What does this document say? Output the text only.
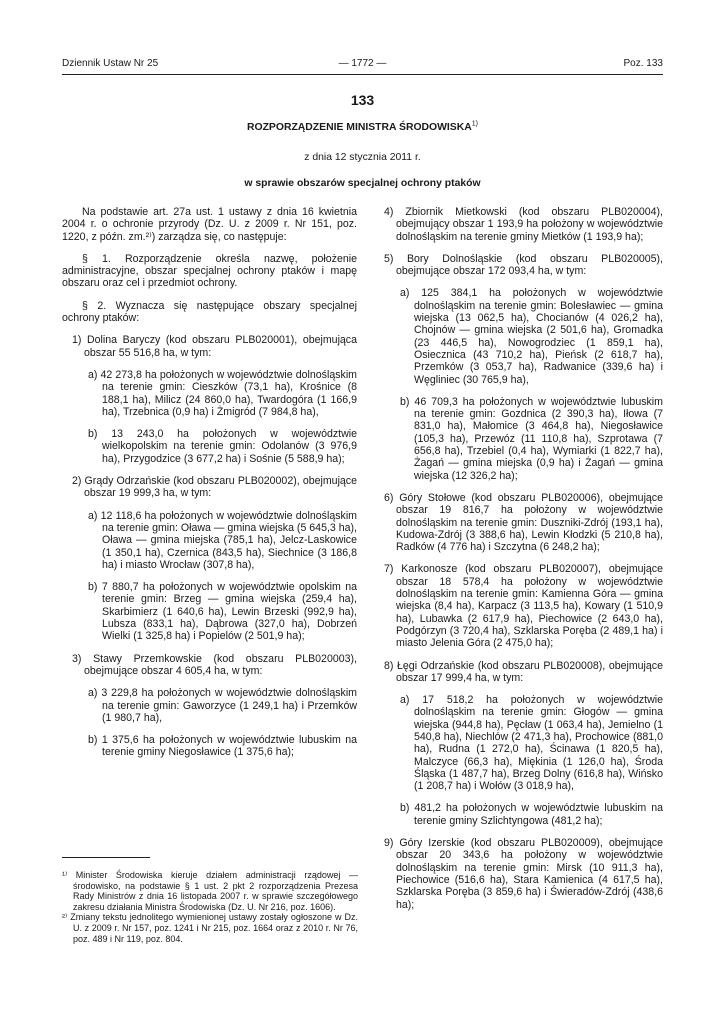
Dziennik Ustaw Nr 25	— 1772 —	Poz. 133
133
ROZPORZĄDZENIE MINISTRA ŚRODOWISKA$^{1)}$
z dnia 12 stycznia 2011 r.
w sprawie obszarów specjalnej ochrony ptaków

Na podstawie art. 27a ust. 1 ustawy z dnia 16 kwietnia 2004 r. o ochronie przyrody (Dz. U. z 2009 r. Nr 151, poz. 1220, z późn. zm.²⁾) zarządza się, co następuje:

§ 1. Rozporządzenie określa nazwę, położenie administracyjne, obszar specjalnej ochrony ptaków i mapę obszaru oraz cel i przedmiot ochrony.

§ 2. Wyznacza się następujące obszary specjalnej ochrony ptaków:

1) Dolina Baryczy (kod obszaru PLB020001), obejmująca obszar 55 516,8 ha, w tym:

a) 42 273,8 ha położonych w województwie dolnośląskim na terenie gmin: Cieszków (73,1 ha), Krośnice (8 188,1 ha), Milicz (24 860,0 ha), Twardogóra (1 166,9 ha), Trzebnica (0,9 ha) i Żmigród (7 984,8 ha),

b) 13 243,0 ha położonych w województwie wielkopolskim na terenie gmin: Odolanów (3 976,9 ha), Przygodzice (3 677,2 ha) i Sośnie (5 588,9 ha);

2) Grądy Odrzańskie (kod obszaru PLB020002), obejmujące obszar 19 999,3 ha, w tym:

a) 12 118,6 ha położonych w województwie dolnośląskim na terenie gmin: Oława — gmina wiejska (5 645,3 ha), Oława — gmina miejska (785,1 ha), Jelcz-Laskowice (1 350,1 ha), Czernica (843,5 ha), Siechnice (3 186,8 ha) i miasto Wrocław (307,8 ha),

b) 7 880,7 ha położonych w województwie opolskim na terenie gmin: Brzeg — gmina wiejska (259,4 ha), Skarbimierz (1 640,6 ha), Lewin Brzeski (992,9 ha), Lubsza (833,1 ha), Dąbrowa (327,0 ha), Dobrzeń Wielki (1 325,8 ha) i Popielów (2 501,9 ha);

3) Stawy Przemkowskie (kod obszaru PLB020003), obejmujące obszar 4 605,4 ha, w tym:

a) 3 229,8 ha położonych w województwie dolnośląskim na terenie gmin: Gaworzyce (1 249,1 ha) i Przemków (1 980,7 ha),

b) 1 375,6 ha położonych w województwie lubuskim na terenie gminy Niegosławice (1 375,6 ha);

4) Zbiornik Mietkowski (kod obszaru PLB020004), obejmujący obszar 1 193,9 ha położony w województwie dolnośląskim na terenie gminy Mietków (1 193,9 ha);

5) Bory Dolnośląskie (kod obszaru PLB020005), obejmujące obszar 172 093,4 ha, w tym:

a) 125 384,1 ha położonych w województwie dolnośląskim na terenie gmin: Bolesławiec — gmina wiejska (13 062,5 ha), Chocianów (4 026,2 ha), Chojnów — gmina wiejska (2 501,6 ha), Gromadka (23 446,5 ha), Nowogrodziec (1 859,1 ha), Osiecznica (43 710,2 ha), Pieńsk (2 618,7 ha), Przemków (3 053,7 ha), Radwanice (339,6 ha) i Węgliniec (30 765,9 ha),

b) 46 709,3 ha położonych w województwie lubuskim na terenie gmin: Gozdnica (2 390,3 ha), Iłowa (7 831,0 ha), Małomice (3 464,8 ha), Niegosławice (105,3 ha), Przewóz (11 110,8 ha), Szprotawa (7 656,8 ha), Trzebiel (0,4 ha), Wymiarki (1 822,7 ha), Żagań — gmina miejska (0,9 ha) i Żagań — gmina wiejska (12 326,2 ha);

6) Góry Stołowe (kod obszaru PLB020006), obejmujące obszar 19 816,7 ha położony w województwie dolnośląskim na terenie gmin: Duszniki-Zdrój (193,1 ha), Kudowa-Zdrój (3 388,6 ha), Lewin Kłodzki (5 210,8 ha), Radków (4 776 ha) i Szczytna (6 248,2 ha);

7) Karkonosze (kod obszaru PLB020007), obejmujące obszar 18 578,4 ha położony w województwie dolnośląskim na terenie gmin: Kamienna Góra — gmina wiejska (8,4 ha), Karpacz (3 113,5 ha), Kowary (1 510,9 ha), Lubawka (2 617,9 ha), Piechowice (2 643,0 ha), Podgórzyn (3 720,4 ha), Szklarska Poręba (2 489,1 ha) i miasto Jelenia Góra (2 475,0 ha);

8) Łęgi Odrzańskie (kod obszaru PLB020008), obejmujące obszar 17 999,4 ha, w tym:

a) 17 518,2 ha położonych w województwie dolnośląskim na terenie gmin: Głogów — gmina wiejska (944,8 ha), Pęcław (1 063,4 ha), Jemielno (1 540,8 ha), Niechlów (2 471,3 ha), Prochowice (881,0 ha), Rudna (1 272,0 ha), Ścinawa (1 820,5 ha), Malczyce (66,3 ha), Miękinia (1 126,0 ha), Środa Śląska (1 487,7 ha), Brzeg Dolny (616,8 ha), Wińsko (1 208,7 ha) i Wołów (3 018,9 ha),

b) 481,2 ha położonych w województwie lubuskim na terenie gminy Szlichtyngowa (481,2 ha);

9) Góry Izerskie (kod obszaru PLB020009), obejmujące obszar 20 343,6 ha położony w województwie dolnośląskim na terenie gmin: Mirsk (10 911,3 ha), Piechowice (516,6 ha), Stara Kamienica (4 617,5 ha), Szklarska Poręba (3 859,6 ha) i Świeradów-Zdrój (438,6 ha);

¹⁾ Minister Środowiska kieruje działem administracji rządowej — środowisko, na podstawie § 1 ust. 2 pkt 2 rozporządzenia Prezesa Rady Ministrów z dnia 16 listopada 2007 r. w sprawie szczegółowego zakresu działania Ministra Środowiska (Dz. U. Nr 216, poz. 1606).

²⁾ Zmiany tekstu jednolitego wymienionej ustawy zostały ogłoszone w Dz. U. z 2009 r. Nr 157, poz. 1241 i Nr 215, poz. 1664 oraz z 2010 r. Nr 76, poz. 489 i Nr 119, poz. 804.
